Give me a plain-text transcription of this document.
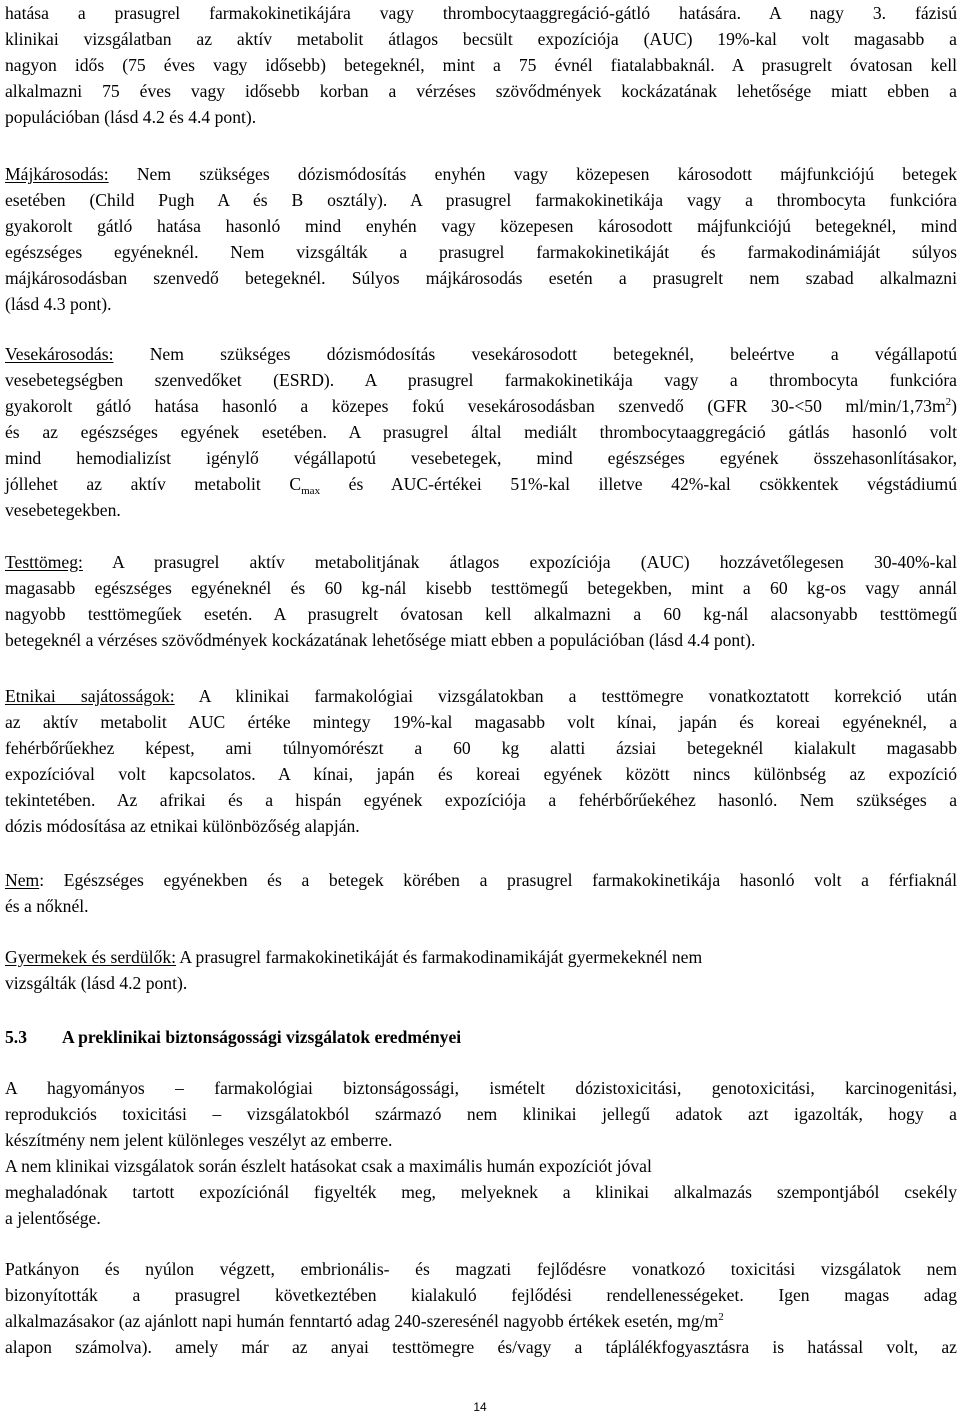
hatása a prasugrel farmakokinetikájára vagy thrombocytaaggregáció-gátló hatására. A nagy 3. fázisú
klinikai vizsgálatban az aktív metabolit átlagos becsült expozíciója (AUC) 19%-kal volt magasabb a
nagyon idős (75 éves vagy idősebb) betegeknél, mint a 75 évnél fiatalabbaknál. A prasugrelt óvatosan kell
alkalmazni 75 éves vagy idősebb korban a vérzéses szövődmények kockázatának lehetősége miatt ebben a
populációban (lásd 4.2 és 4.4 pont).
Májkárosodás: Nem szükséges dózismódosítás enyhén vagy közepesen károsodott májfunkciójú betegek
esetében (Child Pugh A és B osztály). A prasugrel farmakokinetikája vagy a thrombocyta funkcióra
gyakorolt gátló hatása hasonló mind enyhén vagy közepesen károsodott májfunkciójú betegeknél, mind
egészséges egyéneknél. Nem vizsgálták a prasugrel farmakokinetikáját és farmakodinámiáját súlyos
májkárosodásban szenvedő betegeknél. Súlyos májkárosodás esetén a prasugrelt nem szabad alkalmazni
(lásd 4.3 pont).
Vesekárosodás: Nem szükséges dózismódosítás vesekárosodott betegeknél, beleértve a végállapotú
vesebetegségben szenvedőket (ESRD). A prasugrel farmakokinetikája vagy a thrombocyta funkcióra
gyakorolt gátló hatása hasonló a közepes fokú vesekárosodásban szenvedő (GFR 30-<50 $ml/\min/1,73m^2$)
és az egészséges egyének esetében. A prasugrel által mediált thrombocytaaggregáció gátlás hasonló volt
mind hemodializíst igénylő végállapotú vesebetegek, mind egészséges egyének összehasonlításakor,
jóllehet az aktív metabolit $C_{max}$ és AUC-értékei 51%-kal illetve 42%-kal csökkentek végstádiumú
vesebetegekben.
Testtömeg: A prasugrel aktív metabolitjának átlagos expozíciója (AUC) hozzávetőlegesen 30-40%-kal
magasabb egészséges egyéneknél és 60 kg-nál kisebb testtömegű betegekben, mint a 60 kg-os vagy annál
nagyobb testtömegűek esetén. A prasugrelt óvatosan kell alkalmazni a 60 kg-nál alacsonyabb testtömegű
betegeknél a vérzéses szövődmények kockázatának lehetősége miatt ebben a populációban (lásd 4.4 pont).
Etnikai sajátosságok: A klinikai farmakológiai vizsgálatokban a testtömegre vonatkoztatott korrekció után
az aktív metabolit AUC értéke mintegy 19%-kal magasabb volt kínai, japán és koreai egyéneknél, a
fehérbőrűekhez képest, ami túlnyomórészt a 60 kg alatti ázsiai betegeknél kialakult magasabb
expozícióval volt kapcsolatos. A kínai, japán és koreai egyének között nincs különbség az expozíció
tekintetében. Az afrikai és a hispán egyének expozíciója a fehérbőrűekéhez hasonló. Nem szükséges a
dózis módosítása az etnikai különbözőség alapján.
Nem: Egészséges egyénekben és a betegek körében a prasugrel farmakokinetikája hasonló volt a férfiaknál
és a nőknél.
Gyermekek és serdülők: A prasugrel farmakokinetikáját és farmakodinamikáját gyermekeknél nem
vizsgálták (lásd 4.2 pont).
5.3 A preklinikai biztonságossági vizsgálatok eredményei
A hagyományos – farmakológiai biztonságossági, ismételt dózistoxicitási, genotoxicitási, karcinogenitási,
reprodukciós toxicitási – vizsgálatokból származó nem klinikai jellegű adatok azt igazolták, hogy a
készítmény nem jelent különleges veszélyt az emberre.
A nem klinikai vizsgálatok során észlelt hatásokat csak a maximális humán expozíciót jóval
meghaladónak tartott expozíciónál figyelték meg, melyeknek a klinikai alkalmazás szempontjából csekély
a jelentősége.
Patkányon és nyúlon végzett, embrionális- és magzati fejlődésre vonatkozó toxicitási vizsgálatok nem
bizonyították a prasugrel következtében kialakuló fejlődési rendellenességeket. Igen magas adag
alkalmazásakor (az ajánlott napi humán fenntartó adag 240-szeresénél nagyobb értékek esetén, $mg/m^2$
alapon számolva). amely már az anyai testtömegre és/vagy a táplálékfogyasztásra is hatással volt, az
14
